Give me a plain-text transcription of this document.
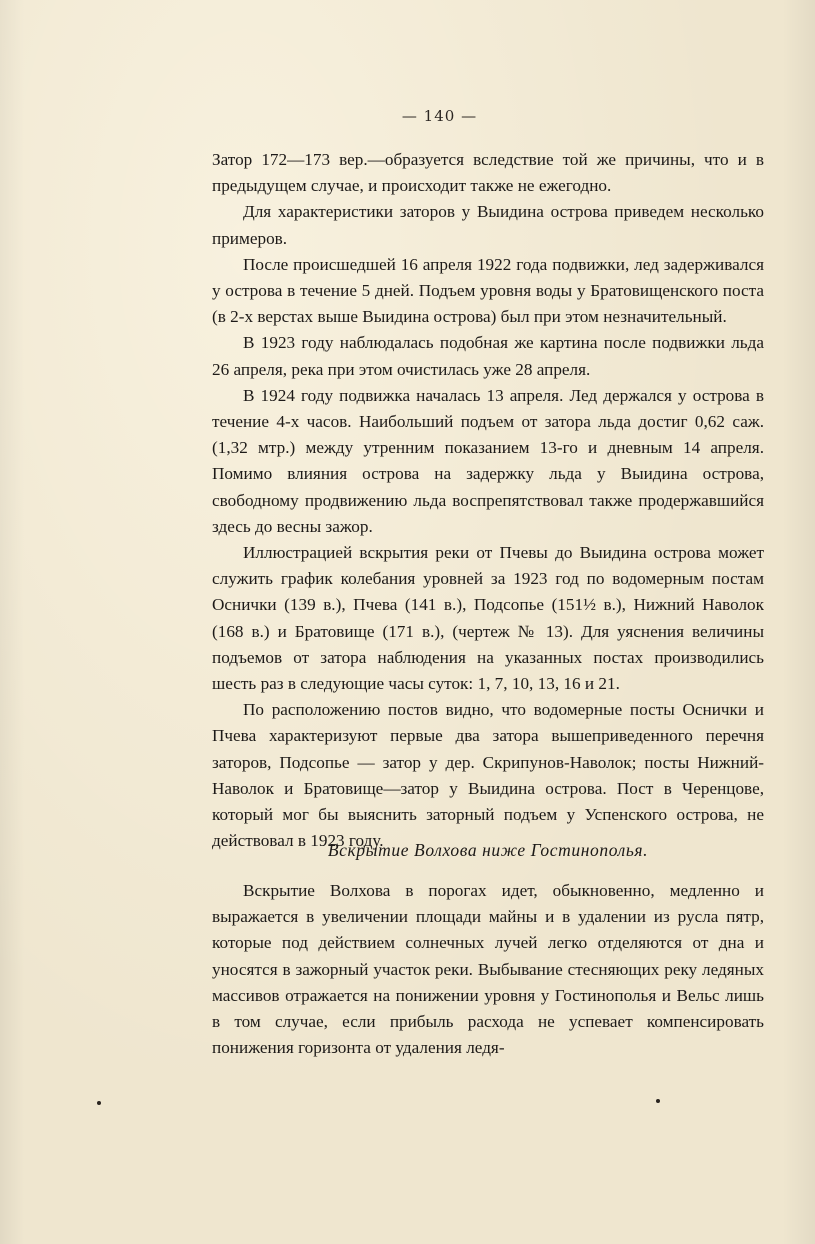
— 140 —

Затор 172—173 вер.—образуется вследствие той же причины, что и в предыдущем случае, и происходит также не ежегодно.

Для характеристики заторов у Выидина острова приведем несколько примеров.

После происшедшей 16 апреля 1922 года подвижки, лед задерживался у острова в течение 5 дней. Подъем уровня воды у Братовищенского поста (в 2-х верстах выше Выидина острова) был при этом незначительный.

В 1923 году наблюдалась подобная же картина после подвижки льда 26 апреля, река при этом очистилась уже 28 апреля.

В 1924 году подвижка началась 13 апреля. Лед держался у острова в течение 4-х часов. Наибольший подъем от затора льда достиг 0,62 саж. (1,32 мтр.) между утренним показанием 13-го и дневным 14 апреля. Помимо влияния острова на задержку льда у Выидина острова, свободному продвижению льда воспрепятствовал также продержавшийся здесь до весны зажор.

Иллюстрацией вскрытия реки от Пчевы до Выидина острова может служить график колебания уровней за 1923 год по водомерным постам Оснички (139 в.), Пчева (141 в.), Подсопье (151½ в.), Нижний Наволок (168 в.) и Братовище (171 в.), (чертеж № 13). Для уяснения величины подъемов от затора наблюдения на указанных постах производились шесть раз в следующие часы суток: 1, 7, 10, 13, 16 и 21.

По расположению постов видно, что водомерные посты Оснички и Пчева характеризуют первые два затора вышеприведенного перечня заторов, Подсопье — затор у дер. Скрипунов-Наволок; посты Нижний-Наволок и Братовище—затор у Выидина острова. Пост в Черенцове, который мог бы выяснить заторный подъем у Успенского острова, не действовал в 1923 году.

Вскрытие Волхова ниже Гостинополья.

Вскрытие Волхова в порогах идет, обыкновенно, медленно и выражается в увеличении площади майны и в удалении из русла пятр, которые под действием солнечных лучей легко отделяются от дна и уносятся в зажорный участок реки. Выбывание стесняющих реку ледяных массивов отражается на понижении уровня у Гостинополья и Вельс лишь в том случае, если прибыль расхода не успевает компенсировать понижения горизонта от удаления ледя-
